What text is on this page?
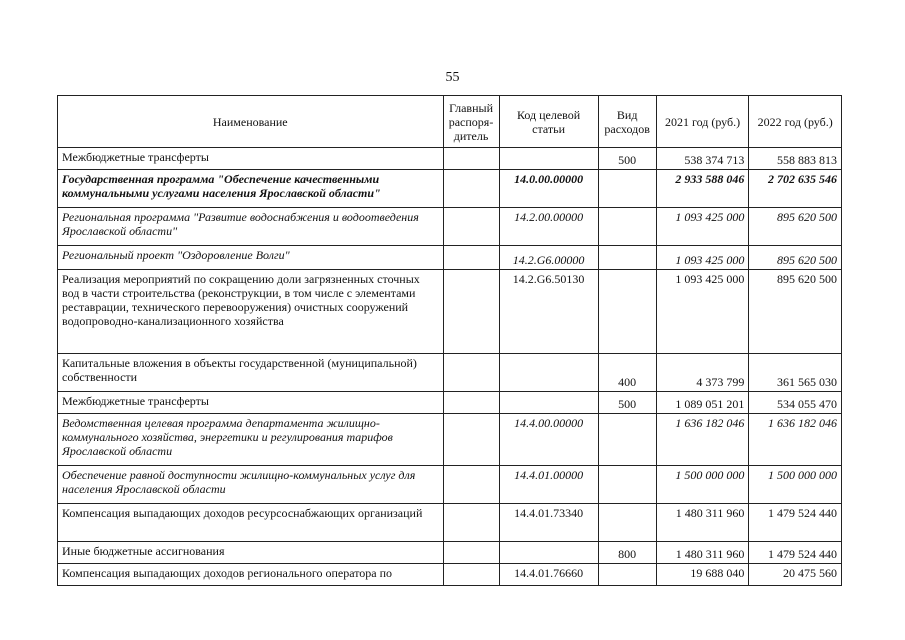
55
Наименование	Главный распоря-дитель	Код целевой статьи	Вид расходов	2021 год (руб.)	2022 год (руб.)
Межбюджетные трансферты			500	538 374 713	558 883 813
Государственная программа "Обеспечение качественными коммунальными услугами населения Ярославской области"		14.0.00.00000		2 933 588 046	2 702 635 546
Региональная программа "Развитие водоснабжения и водоотведения Ярославской области"		14.2.00.00000		1 093 425 000	895 620 500
Региональный проект "Оздоровление Волги"		14.2.G6.00000		1 093 425 000	895 620 500
Реализация мероприятий по сокращению доли загрязненных сточных вод в части строительства (реконструкции, в том числе с элементами реставрации, технического перевооружения) очистных сооружений водопроводно-канализационного хозяйства		14.2.G6.50130		1 093 425 000	895 620 500
Капитальные вложения в объекты государственной (муниципальной) собственности			400	4 373 799	361 565 030
Межбюджетные трансферты			500	1 089 051 201	534 055 470
Ведомственная целевая программа департамента жилищно-коммунального хозяйства, энергетики и регулирования тарифов Ярославской области		14.4.00.00000		1 636 182 046	1 636 182 046
Обеспечение равной доступности жилищно-коммунальных услуг для населения Ярославской области		14.4.01.00000		1 500 000 000	1 500 000 000
Компенсация выпадающих доходов ресурсоснабжающих организаций		14.4.01.73340		1 480 311 960	1 479 524 440
Иные бюджетные ассигнования			800	1 480 311 960	1 479 524 440
Компенсация выпадающих доходов регионального оператора по		14.4.01.76660		19 688 040	20 475 560
